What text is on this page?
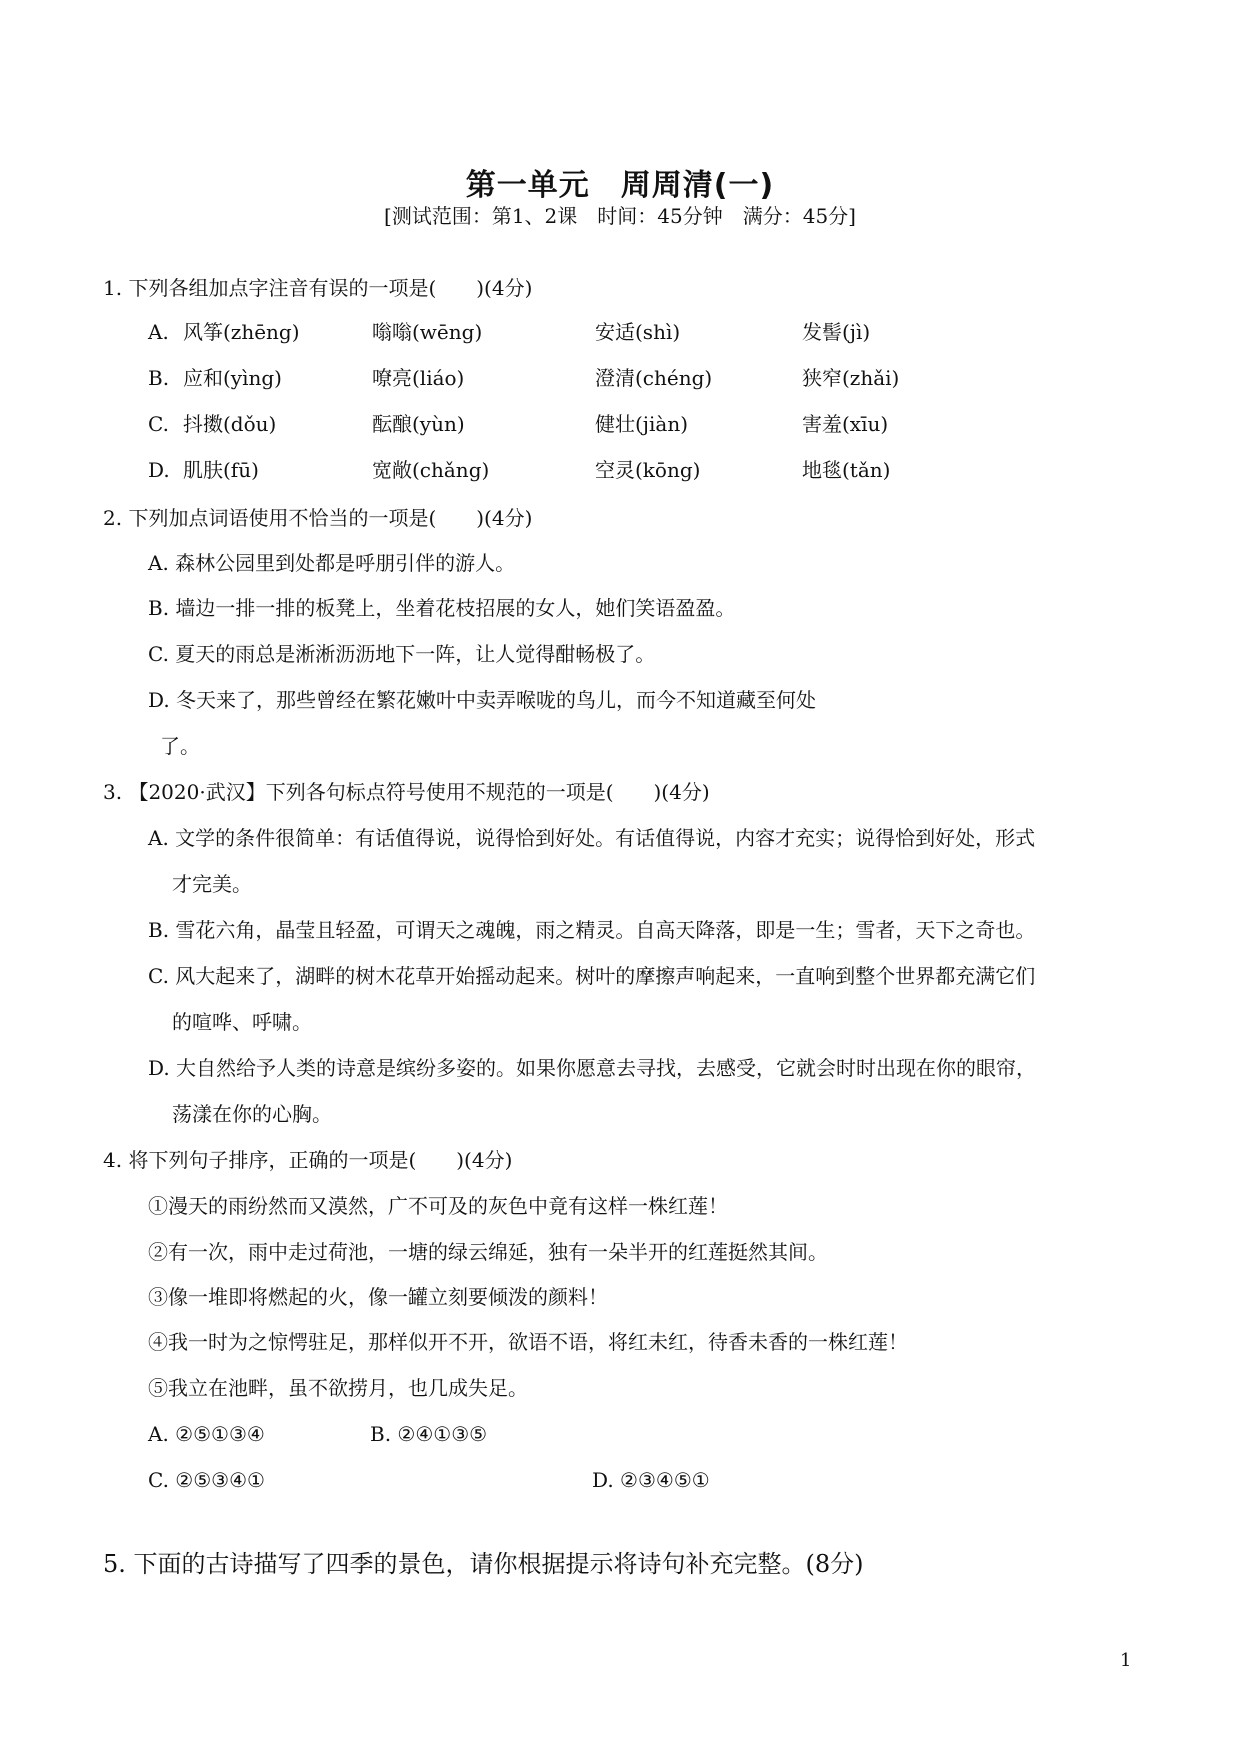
第一单元　周周清(一)
[测试范围：第1、2课　时间：45分钟　满分：45分]
1. 下列各组加点字注音有误的一项是(　　)(4分)
A. 风筝(zhēng)	嗡嗡(wēng)	安适(shì)	发髻(jì)
B. 应和(yìng)	嘹亮(liáo)	澄清(chéng)	狭窄(zhǎi)
C. 抖擞(dǒu)	酝酿(yùn)	健壮(jiàn)	害羞(xīu)
D. 肌肤(fū)	宽敞(chǎng)	空灵(kōng)	地毯(tǎn)
2. 下列加点词语使用不恰当的一项是(　　)(4分)
A. 森林公园里到处都是呼朋引伴的游人。
B. 墙边一排一排的板凳上，坐着花枝招展的女人，她们笑语盈盈。
C. 夏天的雨总是淅淅沥沥地下一阵，让人觉得酣畅极了。
D. 冬天来了，那些曾经在繁花嫩叶中卖弄喉咙的鸟儿，而今不知道藏至何处
了。
3. 【2020·武汉】下列各句标点符号使用不规范的一项是(　　)(4分)
A. 文学的条件很简单：有话值得说，说得恰到好处。有话值得说，内容才充实；说得恰到好处，形式
才完美。
B. 雪花六角，晶莹且轻盈，可谓天之魂魄，雨之精灵。自高天降落，即是一生；雪者，天下之奇也。
C. 风大起来了，湖畔的树木花草开始摇动起来。树叶的摩擦声响起来，一直响到整个世界都充满它们
的喧哗、呼啸。
D. 大自然给予人类的诗意是缤纷多姿的。如果你愿意去寻找，去感受，它就会时时出现在你的眼帘，
荡漾在你的心胸。
4. 将下列句子排序，正确的一项是(　　)(4分)
①漫天的雨纷然而又漠然，广不可及的灰色中竟有这样一株红莲！
②有一次，雨中走过荷池，一塘的绿云绵延，独有一朵半开的红莲挺然其间。
③像一堆即将燃起的火，像一罐立刻要倾泼的颜料！
④我一时为之惊愕驻足，那样似开不开，欲语不语，将红未红，待香未香的一株红莲！
⑤我立在池畔，虽不欲捞月，也几成失足。
A. ②⑤①③④	B. ②④①③⑤
C. ②⑤③④①	D. ②③④⑤①
5. 下面的古诗描写了四季的景色，请你根据提示将诗句补充完整。(8分)
1
